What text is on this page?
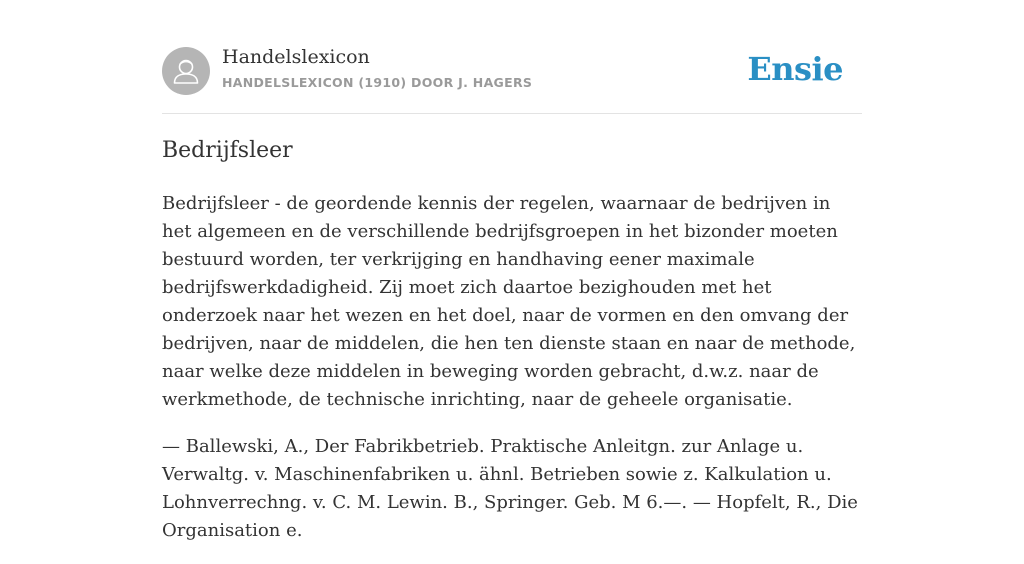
Handelslexicon
HANDELSLEXICON (1910) DOOR J. HAGERS	Ensie
Bedrijfsleer

Bedrijfsleer - de geordende kennis der regelen, waarnaar de bedrijven in het algemeen en de verschillende bedrijfsgroepen in het bizonder moeten bestuurd worden, ter verkrijging en handhaving eener maximale bedrijfswerkdadigheid. Zij moet zich daartoe bezighouden met het onderzoek naar het wezen en het doel, naar de vormen en den omvang der bedrijven, naar de middelen, die hen ten dienste staan en naar de methode, naar welke deze middelen in beweging worden gebracht, d.w.z. naar de werkmethode, de technische inrichting, naar de geheele organisatie.

— Ballewski, A., Der Fabrikbetrieb. Praktische Anleitgn. zur Anlage u. Verwaltg. v. Maschinenfabriken u. ähnl. Betrieben sowie z. Kalkulation u. Lohnverrechng. v. C. M. Lewin. B., Springer. Geb. M 6.—. — Hopfelt, R., Die Organisation e.
